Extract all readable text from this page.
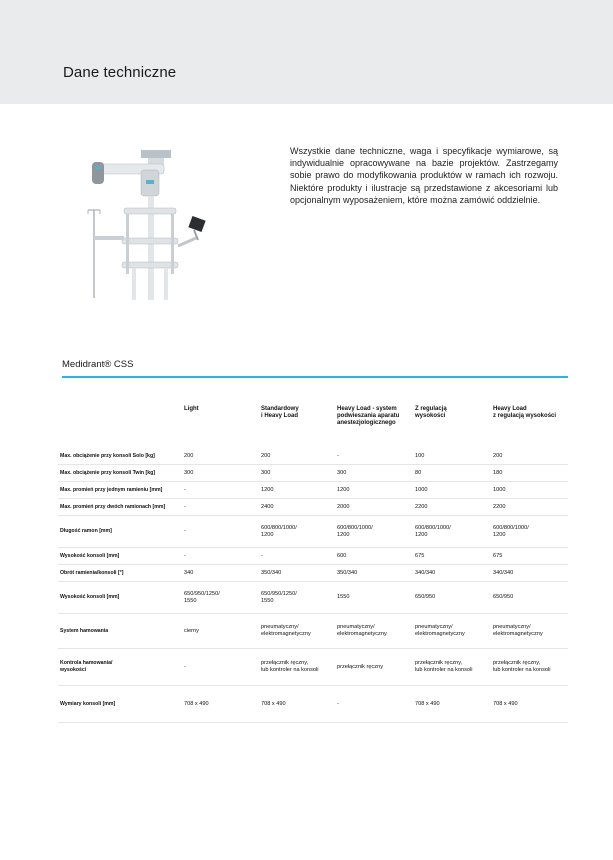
Dane techniczne

Wszystkie dane techniczne, waga i specyfikacje wymiarowe, są indywidualnie opracowywane na bazie projektów. Zastrzegamy sobie prawo do modyfikowania produktów w ramach ich rozwoju. Niektóre produkty i ilustracje są przedstawione z akcesoriami lub opcjonalnym wyposażeniem, które można zamówić oddzielnie.

Medidrant® CSS
	Light	Standardowy
i Heavy Load	Heavy Load - system podwieszania aparatu anestezjologicznego	Z regulacją
wysokości	Heavy Load
z regulacją wysokości
Max. obciążenie przy konsoli Solo [kg]	200	200	-	100	200
Max. obciążenie przy konsoli Twin [kg]	300	300	300	80	180
Max. promień przy jednym ramieniu [mm]	-	1200	1200	1000	1000
Max. promień przy dwóch ramionach [mm]	-	2400	2000	2200	2200
Długość ramon [mm]	-	600/800/1000/
1200	600/800/1000/
1200	600/800/1000/
1200	600/800/1000/
1200
Wysokość konsoli [mm]	-	-	600	675	675
Obrót ramienia/konsoli [°]	340	350/340	350/340	340/340	340/340
Wysokość konsoli [mm]	650/950/1250/
1550	650/950/1250/
1550	1550	650/950	650/950
System hamowania	cierny	pneumatyczny/
elektromagnetyczny	pneumatyczny/
elektromagnetyczny	pneumatyczny/
elektromagnetyczny	pneumatyczny/
elektromagnetyczny
Kontrola hamowania/
wysokości	-	przełącznik ręczny,
lub kontroler na konsoli	przełącznik ręczny	przełącznik ręczny,
lub kontroler na konsoli	przełącznik ręczny,
lub kontroler na konsoli
Wymiary konsoli [mm]	708 x 490	708 x 490	-	708 x 490	708 x 490
